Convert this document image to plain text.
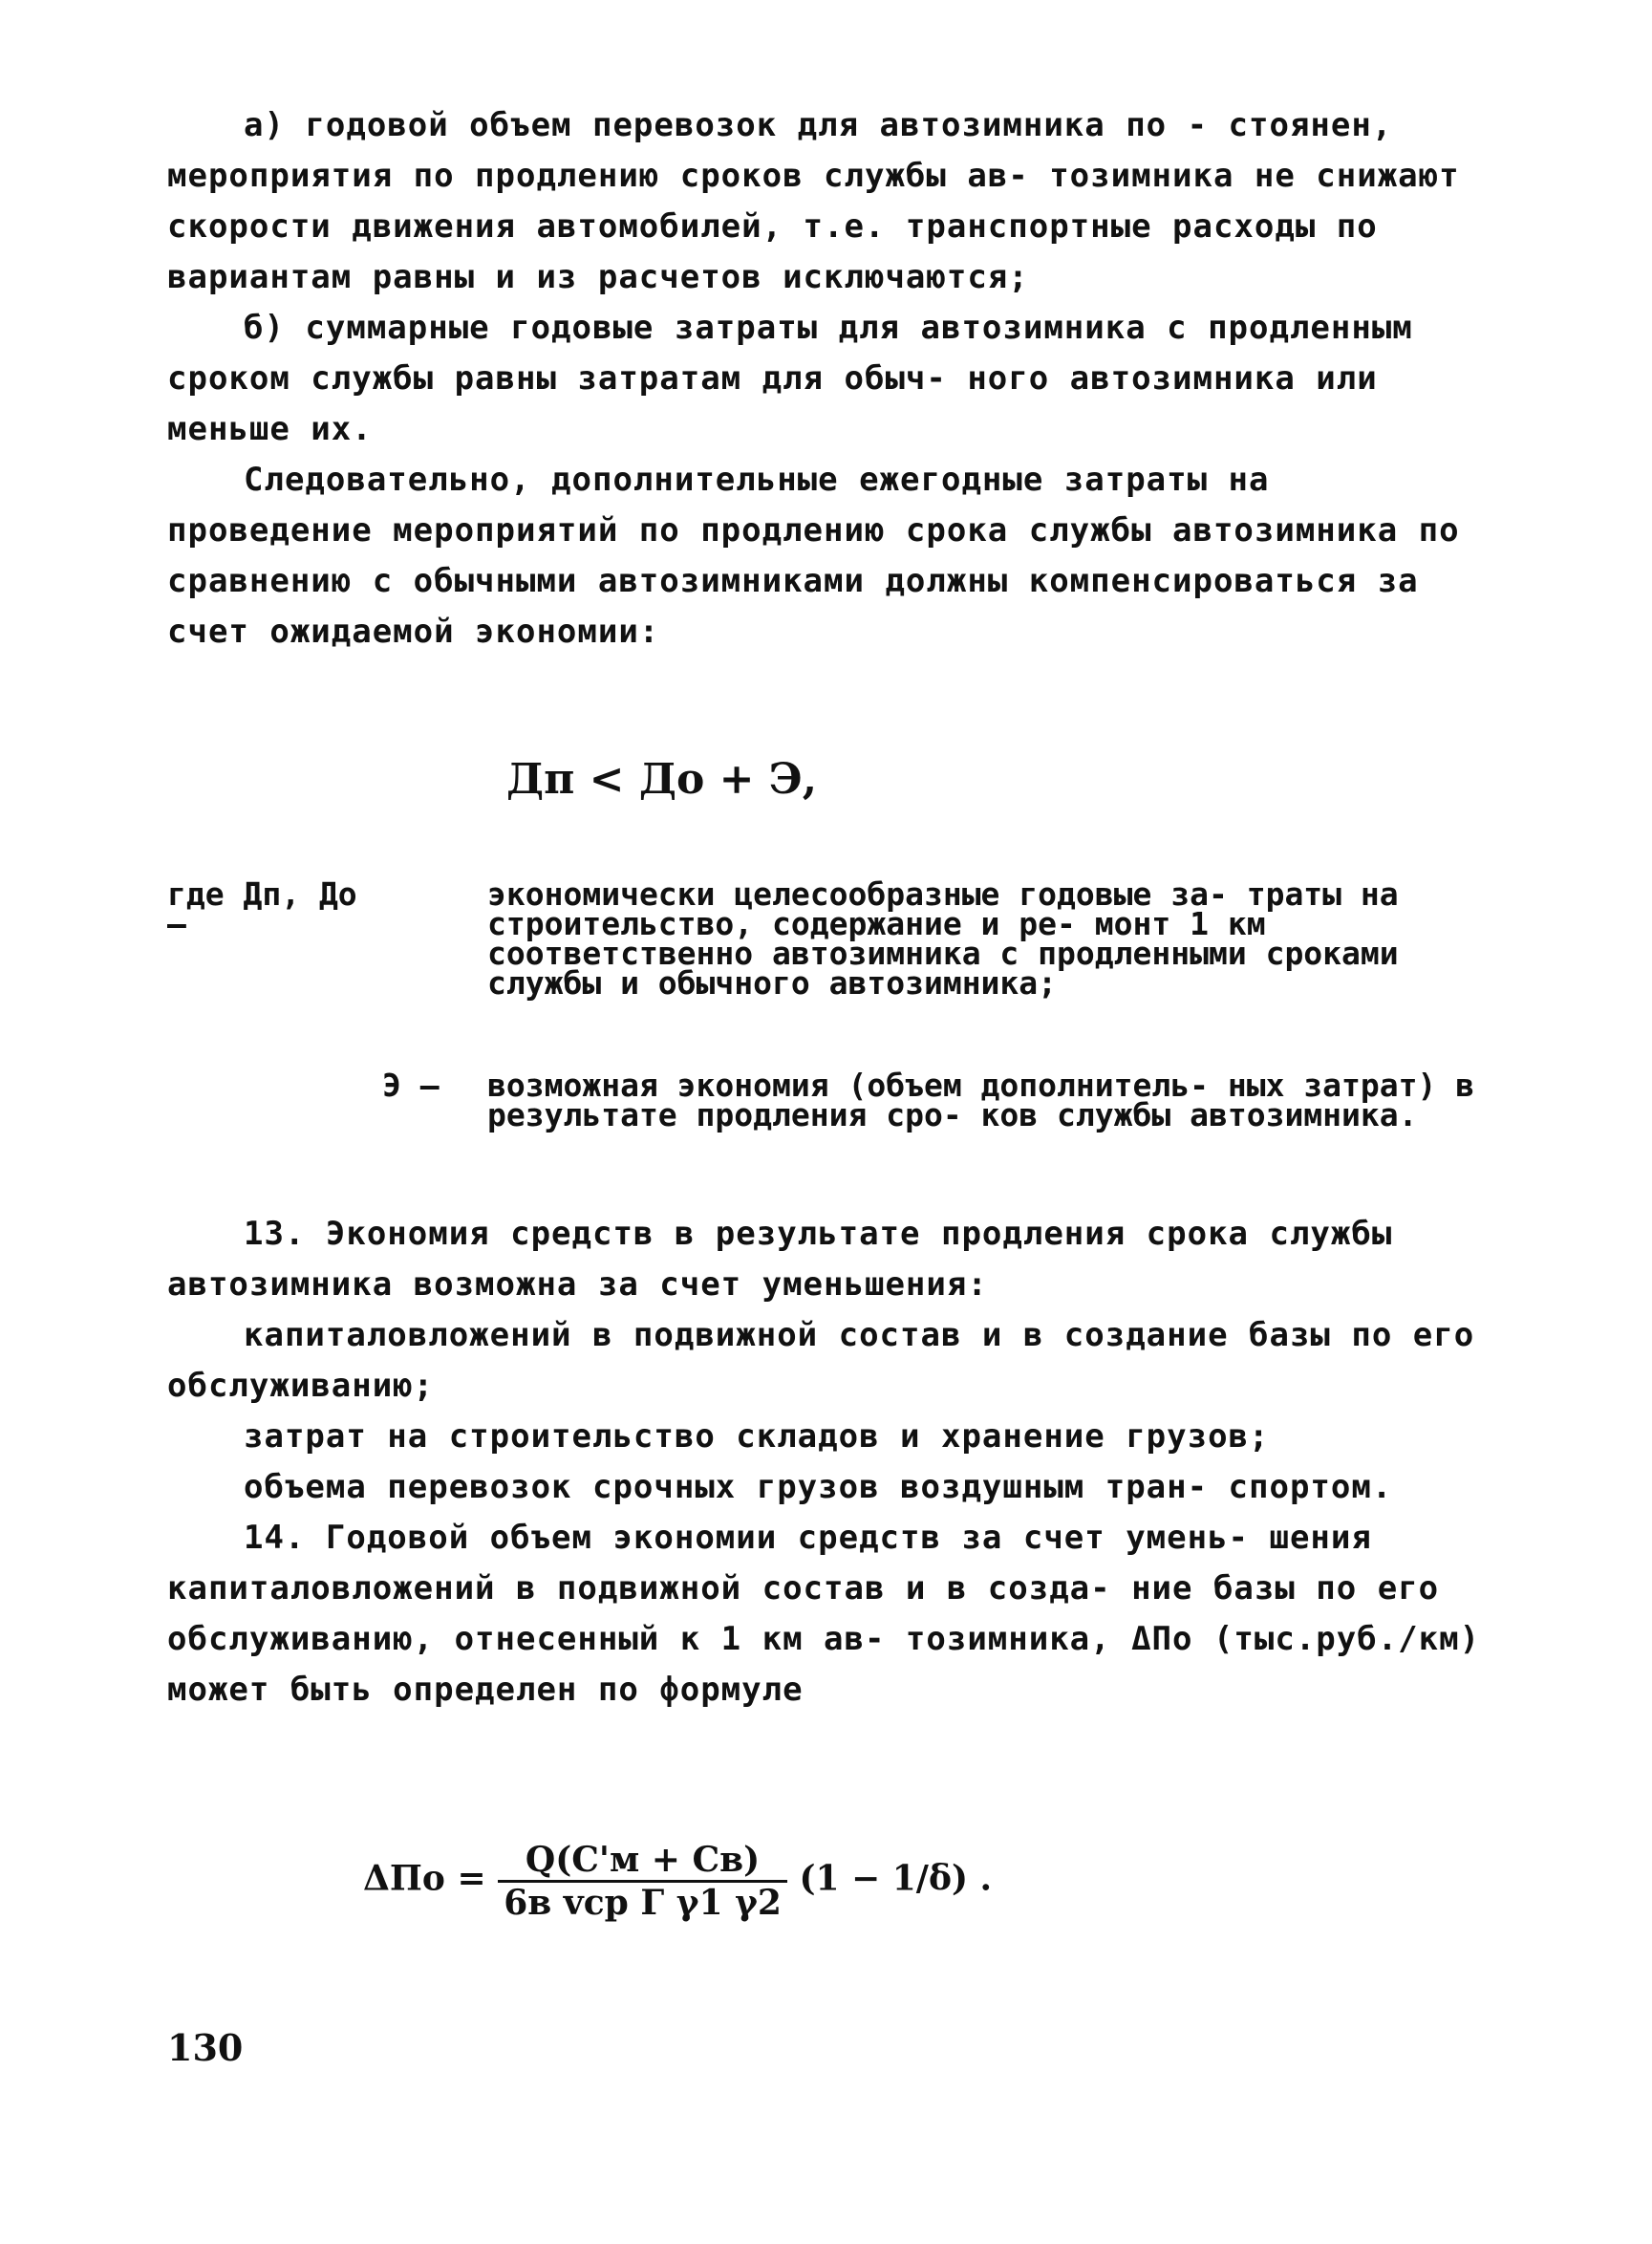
а) годовой объем перевозок для автозимника по - стоянен, мероприятия по продлению сроков службы ав- тозимника не снижают скорости движения автомобилей, т.е. транспортные расходы по вариантам равны и из расчетов исключаются;

б) суммарные годовые затраты для автозимника с продленным сроком службы равны затратам для обыч- ного автозимника или меньше их.

Следовательно, дополнительные ежегодные затраты на проведение мероприятий по продлению срока службы автозимника по сравнению с обычными автозимниками должны компенсироваться за счет ожидаемой экономии:

Дп < До + Э,
где Дп, До –
экономически целесообразные годовые за- траты на строительство, содержание и ре- монт 1 км соответственно автозимника с продленными сроками службы и обычного автозимника;
Э –	возможная экономия (объем дополнитель- ных затрат) в результате продления сро- ков службы автозимника.

13. Экономия средств в результате продления срока службы автозимника возможна за счет уменьшения:

капиталовложений в подвижной состав и в создание базы по его обслуживанию;

затрат на строительство складов и хранение грузов;

объема перевозок срочных грузов воздушным тран- спортом.

14. Годовой объем экономии средств за счет умень- шения капиталовложений в подвижной состав и в созда- ние базы по его обслуживанию, отнесенный к 1 км ав- тозимника, ΔПо (тыс.руб./км) может быть определен по формуле

$\Delta По = \frac{Q(C'м + Cв)}{\text{6в vср Г γ1 γ2}} (1 - 1/\delta)$ .
130
